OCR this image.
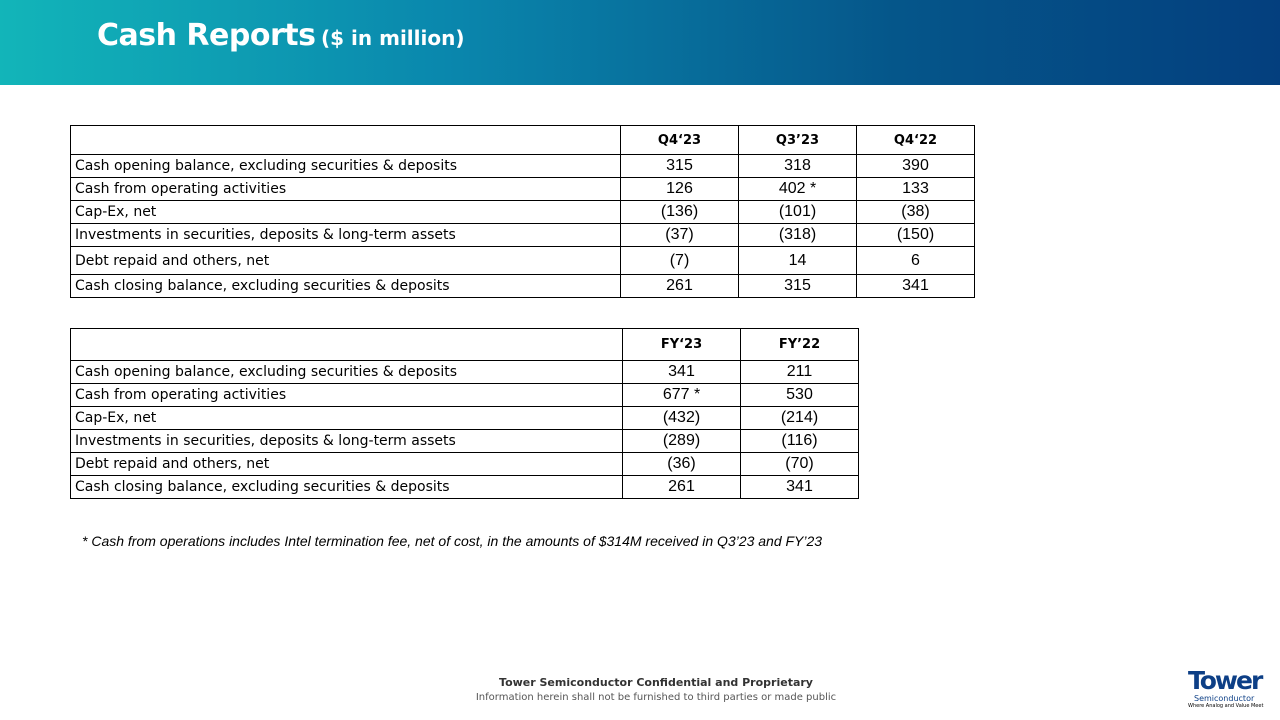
Cash Reports ($ in million)
	Q4‘23	Q3’23	Q4‘22
Cash opening balance, excluding securities & deposits	315	318	390
Cash from operating activities	126	402 *	133
Cap-Ex, net	(136)	(101)	(38)
Investments in securities, deposits & long-term assets	(37)	(318)	(150)
Debt repaid and others, net	(7)	14	6
Cash closing balance, excluding securities & deposits	261	315	341
	FY‘23	FY’22
Cash opening balance, excluding securities & deposits	341	211
Cash from operating activities	677 *	530
Cap-Ex, net	(432)	(214)
Investments in securities, deposits & long-term assets	(289)	(116)
Debt repaid and others, net	(36)	(70)
Cash closing balance, excluding securities & deposits	261	341
* Cash from operations includes Intel termination fee, net of cost, in the amounts of $314M received in Q3’23 and FY’23
Tower Semiconductor Confidential and Proprietary
Information herein shall not be furnished to third parties or made public
Tower
Semiconductor
Where Analog and Value Meet
